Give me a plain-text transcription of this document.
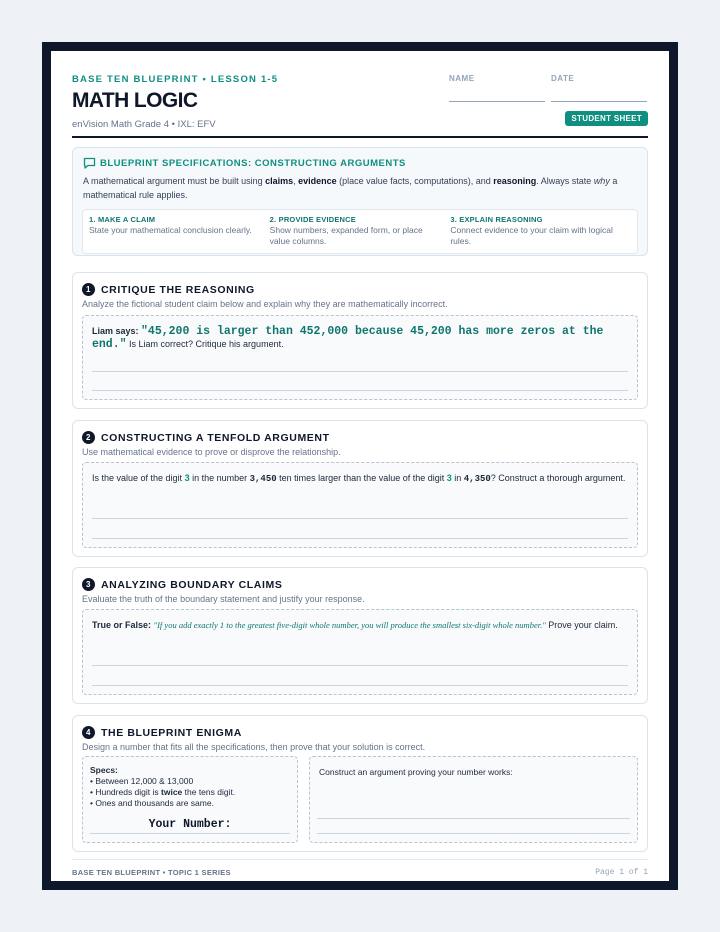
BASE TEN BLUEPRINT • LESSON 1-5
MATH LOGIC
enVision Math Grade 4 • IXL: EFV
NAME	DATE
STUDENT SHEET
BLUEPRINT SPECIFICATIONS: CONSTRUCTING ARGUMENTS
A mathematical argument must be built using claims, evidence (place value facts, computations), and reasoning. Always state why a mathematical rule applies.
1. MAKE A CLAIM
State your mathematical conclusion clearly.
2. PROVIDE EVIDENCE
Show numbers, expanded form, or place value columns.
3. EXPLAIN REASONING
Connect evidence to your claim with logical rules.
1 CRITIQUE THE REASONING
Analyze the fictional student claim below and explain why they are mathematically incorrect.
Liam says: "45,200 is larger than 452,000 because 45,200 has more zeros at the end." Is Liam correct? Critique his argument.
2 CONSTRUCTING A TENFOLD ARGUMENT
Use mathematical evidence to prove or disprove the relationship.
Is the value of the digit 3 in the number 3,450 ten times larger than the value of the digit 3 in 4,350? Construct a thorough argument.
3 ANALYZING BOUNDARY CLAIMS
Evaluate the truth of the boundary statement and justify your response.
True or False: "If you add exactly 1 to the greatest five-digit whole number, you will produce the smallest six-digit whole number." Prove your claim.
4 THE BLUEPRINT ENIGMA
Design a number that fits all the specifications, then prove that your solution is correct.
Specs:
• Between 12,000 & 13,000
• Hundreds digit is twice the tens digit.
• Ones and thousands are same.
Your Number:
Construct an argument proving your number works:
BASE TEN BLUEPRINT • TOPIC 1 SERIES	Page 1 of 1
